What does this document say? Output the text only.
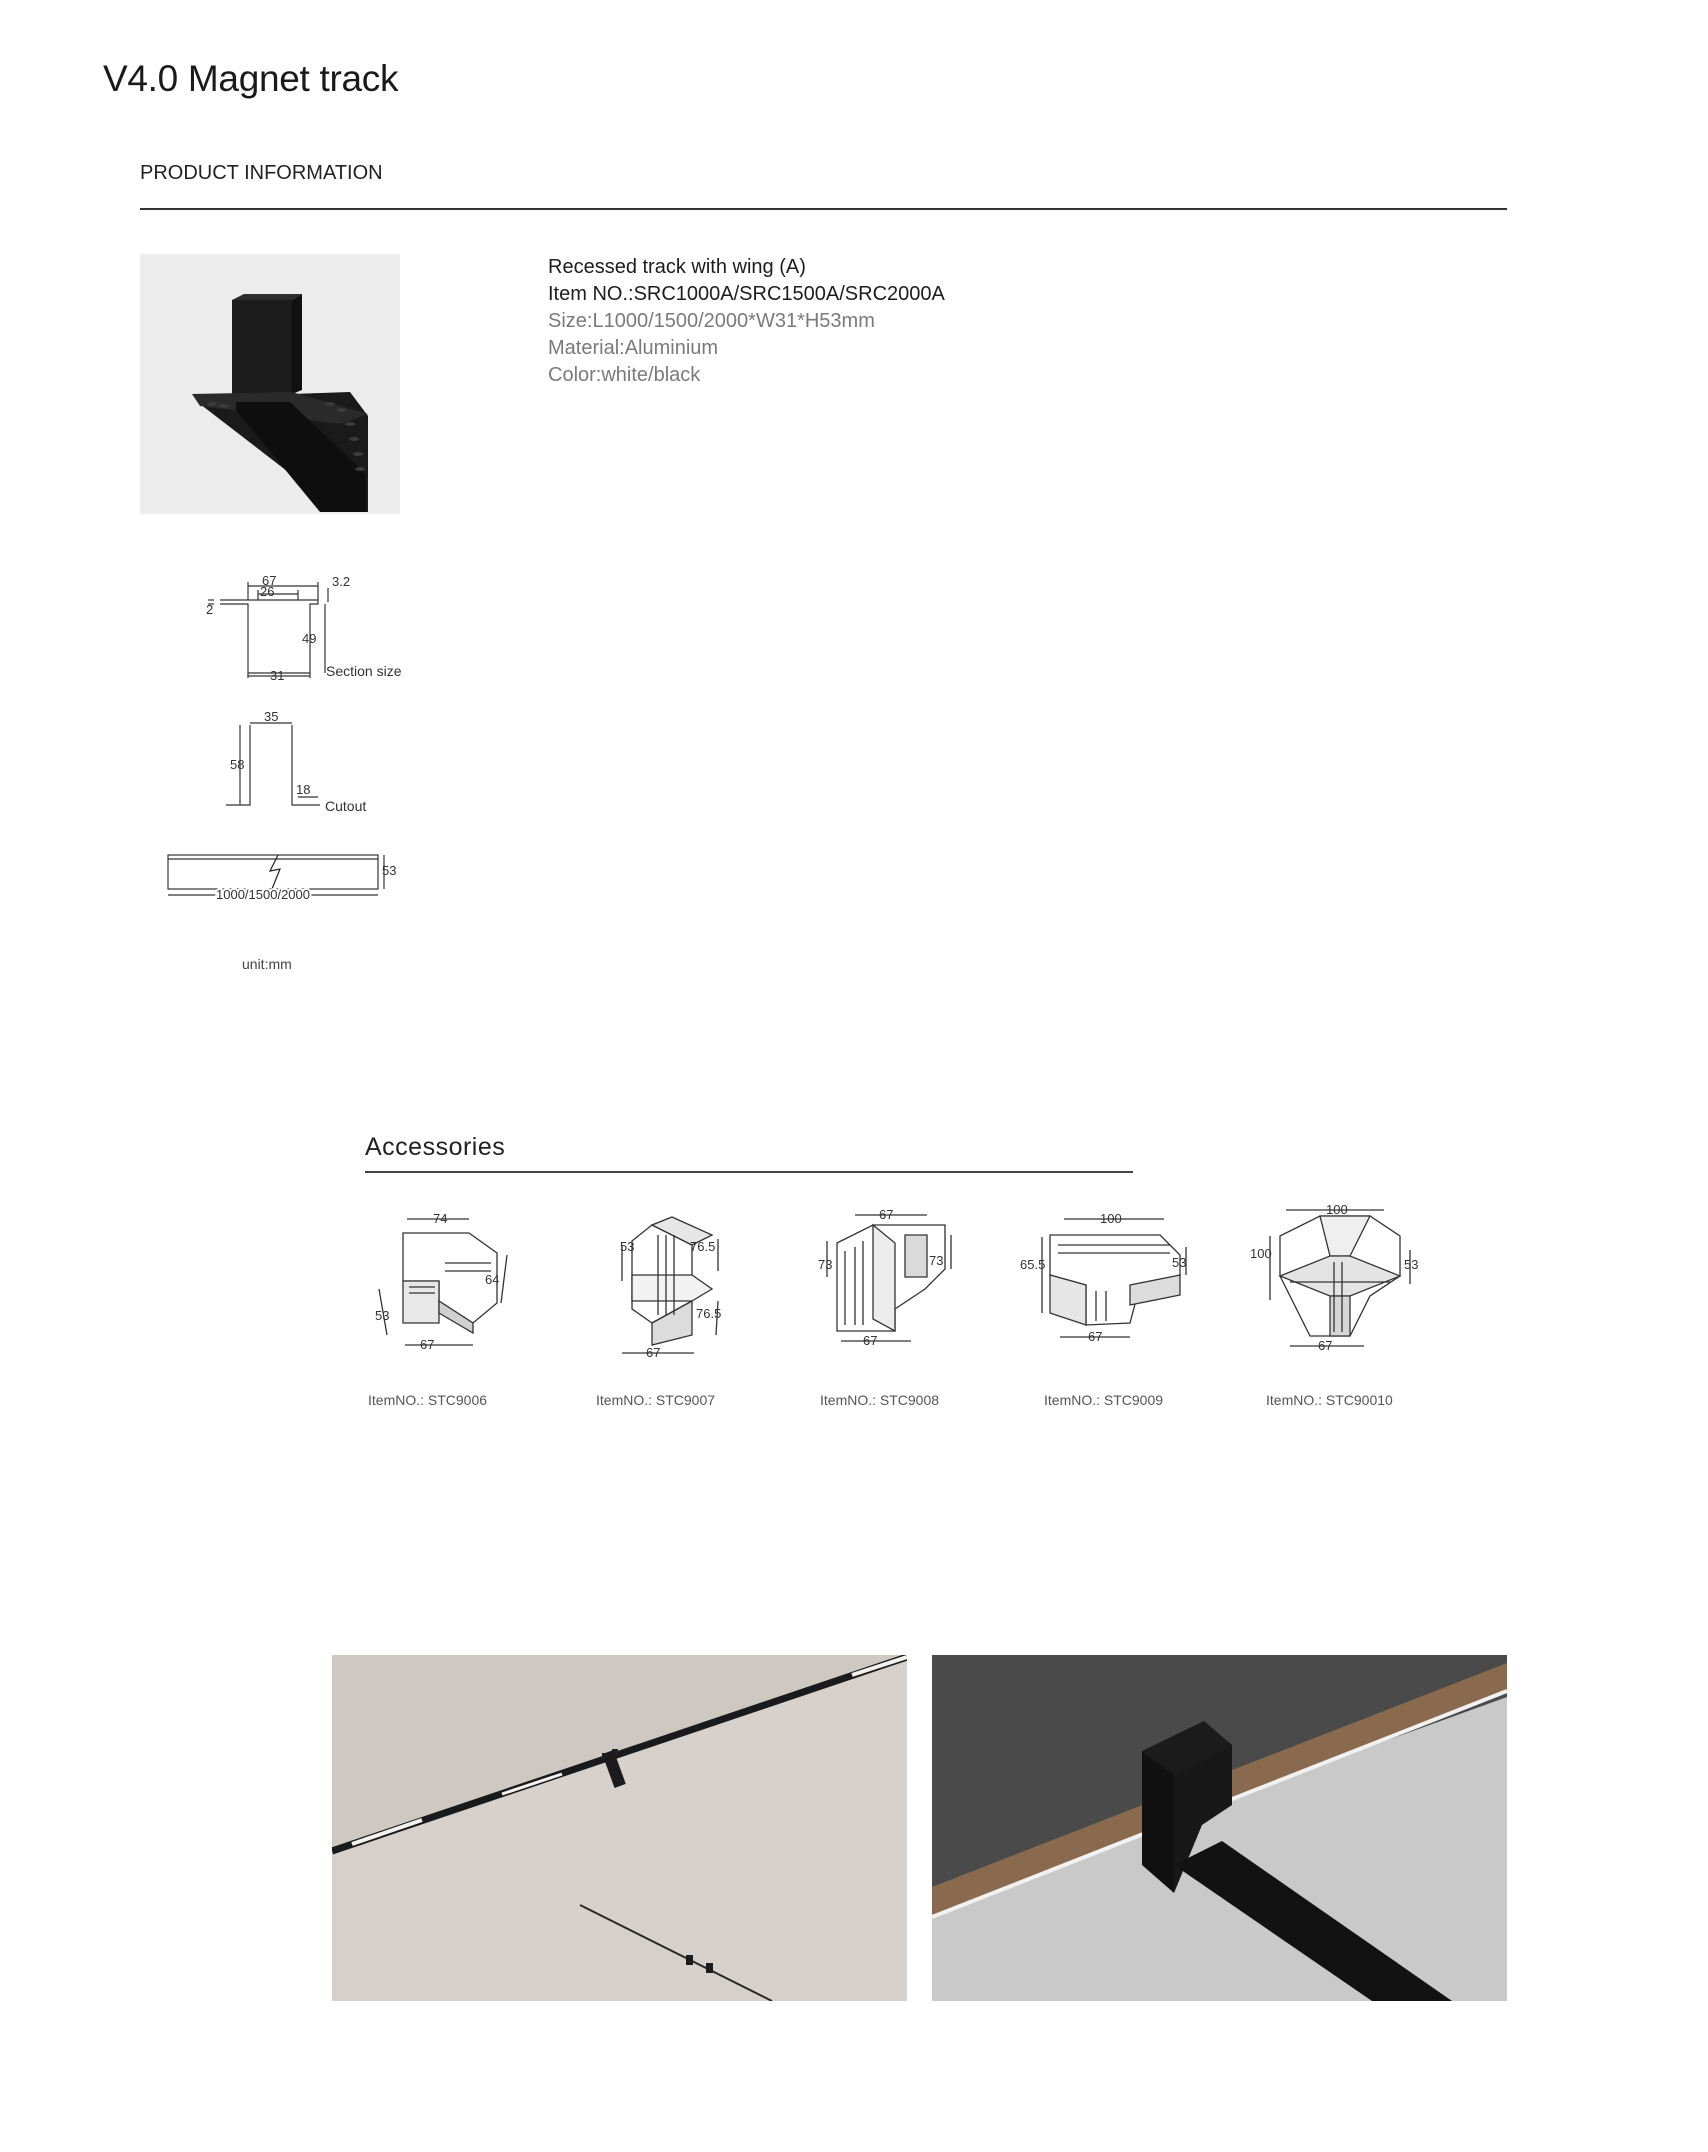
V4.0 Magnet track
PRODUCT INFORMATION
Recessed track with wing (A)
Item NO.:SRC1000A/SRC1500A/SRC2000A
Size:L1000/1500/2000*W31*H53mm
Material:Aluminium
Color:white/black
67
26
3.2
2
49
31	Section size
35
58
18
Cutout
53
1000/1500/2000
unit:mm
Accessories
74
64
53
67
ItemNO.: STC9006
53	76.5
76.5
67
ItemNO.: STC9007
67
73	73
67
ItemNO.: STC9008
100
65.5	53
67
ItemNO.: STC9009
100
100
53
67
ItemNO.: STC90010
